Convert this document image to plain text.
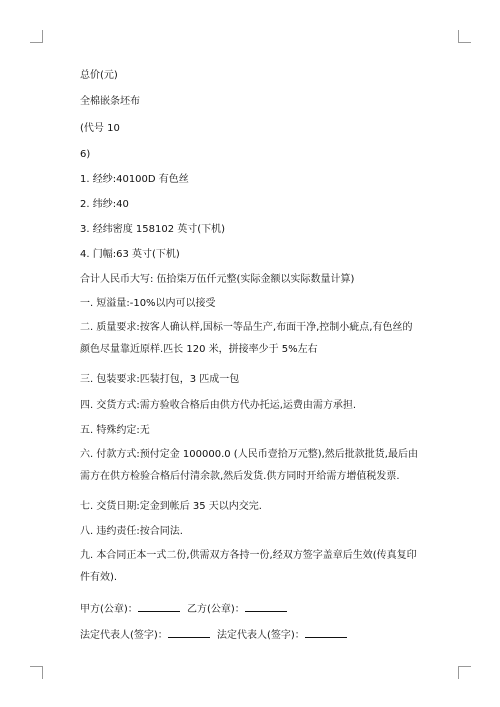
总价(元)
全棉嵌条坯布
(代号 10
6)
1. 经纱:40100D 有色丝
2. 纬纱:40
3. 经纬密度 158102 英寸(下机)
4. 门幅:63 英寸(下机)
合计人民币大写: 伍拾柒万伍仟元整(实际金额以实际数量计算)
一. 短溢量:-10%以内可以接受
二. 质量要求:按客人确认样,国标一等品生产,布面干净,控制小疵点,有色丝的颜色尽量靠近原样.匹长 120 米，拼接率少于 5%左右
三. 包装要求:匹装打包，3 匹成一包
四. 交货方式:需方验收合格后由供方代办托运,运费由需方承担.
五. 特殊约定:无
六. 付款方式:预付定金 100000.0 (人民币壹拾万元整),然后批款批货,最后由需方在供方检验合格后付清余款,然后发货.供方同时开给需方增值税发票.
七. 交货日期:定金到帐后 35 天以内交完.
八. 违约责任:按合同法.
九. 本合同正本一式二份,供需双方各持一份,经双方签字盖章后生效(传真复印件有效).
甲方(公章)：	乙方(公章)：
法定代表人(签字)：	法定代表人(签字)：
